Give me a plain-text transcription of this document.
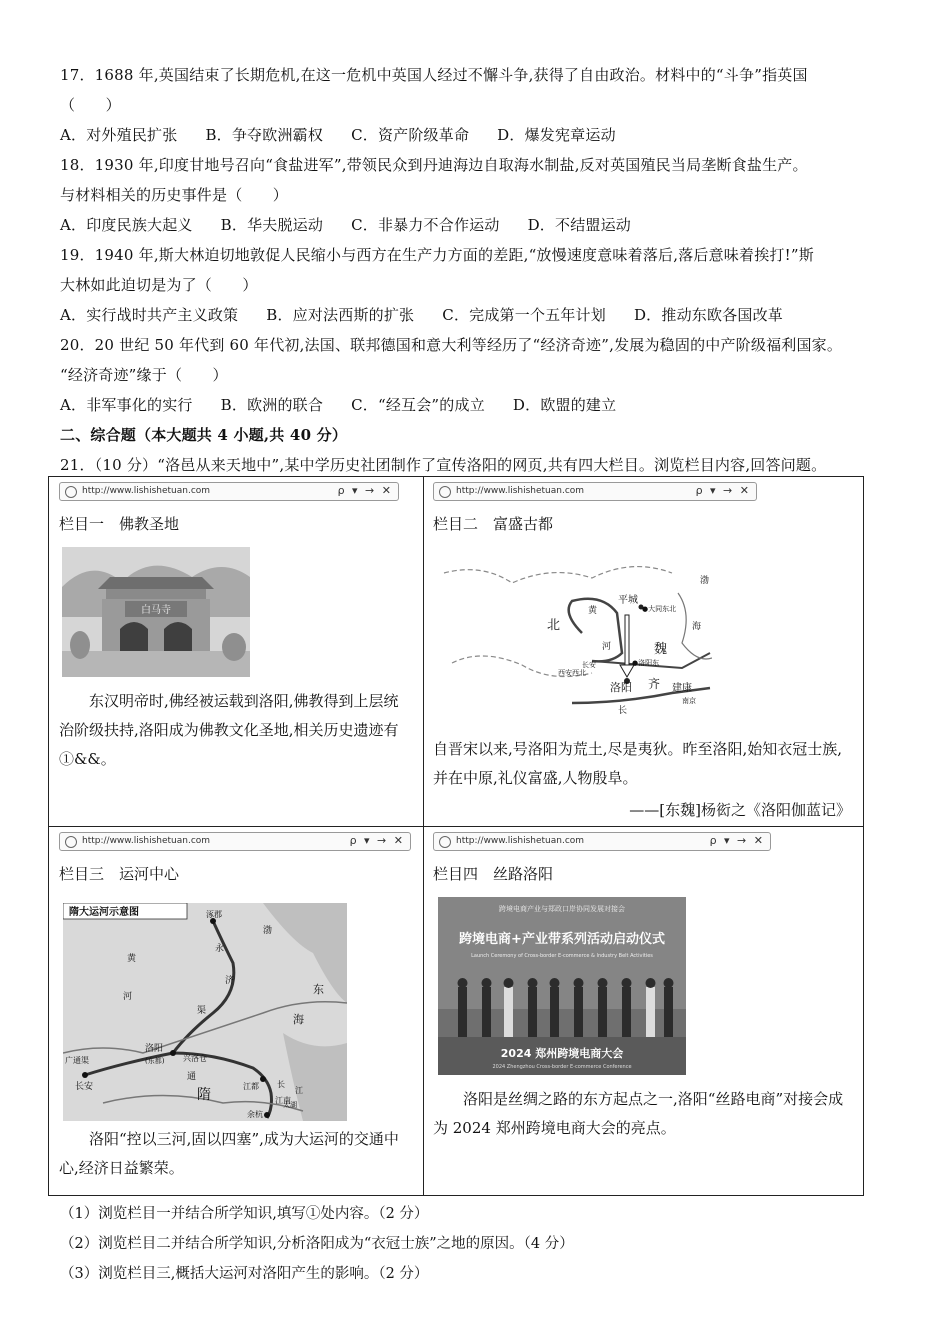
17．1688 年,英国结束了长期危机,在这一危机中英国人经过不懈斗争,获得了自由政治。材料中的“斗争”指英国
（　　）
A．对外殖民扩张 B．争夺欧洲霸权 C．资产阶级革命 D．爆发宪章运动
18．1930 年,印度甘地号召向“食盐进军”,带领民众到丹迪海边自取海水制盐,反对英国殖民当局垄断食盐生产。
与材料相关的历史事件是（　　）
A．印度民族大起义 B．华夫脱运动 C．非暴力不合作运动 D．不结盟运动
19．1940 年,斯大林迫切地敦促人民缩小与西方在生产力方面的差距,“放慢速度意味着落后,落后意味着挨打!”斯
大林如此迫切是为了（　　）
A．实行战时共产主义政策 B．应对法西斯的扩张 C．完成第一个五年计划 D．推动东欧各国改革
20．20 世纪 50 年代到 60 年代初,法国、联邦德国和意大利等经历了“经济奇迹”,发展为稳固的中产阶级福利国家。
“经济奇迹”缘于（　　）
A．非军事化的实行 B．欧洲的联合 C．“经互会”的成立 D．欧盟的建立
二、综合题（本大题共 4 小题,共 40 分）
21．（10 分）“洛邑从来天地中”,某中学历史社团制作了宣传洛阳的网页,共有四大栏目。浏览栏目内容,回答问题。
http://www.lishishetuan.com	ρ ▾ → ✕
栏目一　佛教圣地
白马寺
东汉明帝时,佛经被运载到洛阳,佛教得到上层统治阶级扶持,洛阳成为佛教文化圣地,相关历史遗迹有①&&。
http://www.lishishetuan.com	ρ ▾ → ✕
栏目二　富盛古都
平城
●大同东北
北
魏
黄
河
长安
西安西北
洛阳
●洛阳东
齐 建康
南京
长
渤
海
自晋宋以来,号洛阳为荒土,尽是夷狄。昨至洛阳,始知衣冠士族,并在中原,礼仪富盛,人物殷阜。
——[东魏]杨衒之《洛阳伽蓝记》
http://www.lishishetuan.com	ρ ▾ → ✕
栏目三　运河中心
隋大运河示意图	涿郡
永
济
渠
广通渠
长安
洛阳
(东都) 兴洛仓
通
隋
江都
江南
余杭
黄
河
海
东
太湖
长
江
渤
洛阳“控以三河,固以四塞”,成为大运河的交通中心,经济日益繁荣。
http://www.lishishetuan.com	ρ ▾ → ✕
栏目四　丝路洛阳
跨境电商产业与郑政口岸协同发展对接会
跨境电商+产业带系列活动启动仪式
Launch Ceremony of Cross-border E-commerce & Industry Belt Activities
2024 郑州跨境电商大会
2024 Zhengzhou Cross-border E-commerce Conference
洛阳是丝绸之路的东方起点之一,洛阳“丝路电商”对接会成为 2024 郑州跨境电商大会的亮点。
（1）浏览栏目一并结合所学知识,填写①处内容。（2 分）
（2）浏览栏目二并结合所学知识,分析洛阳成为“衣冠士族”之地的原因。（4 分）
（3）浏览栏目三,概括大运河对洛阳产生的影响。（2 分）
